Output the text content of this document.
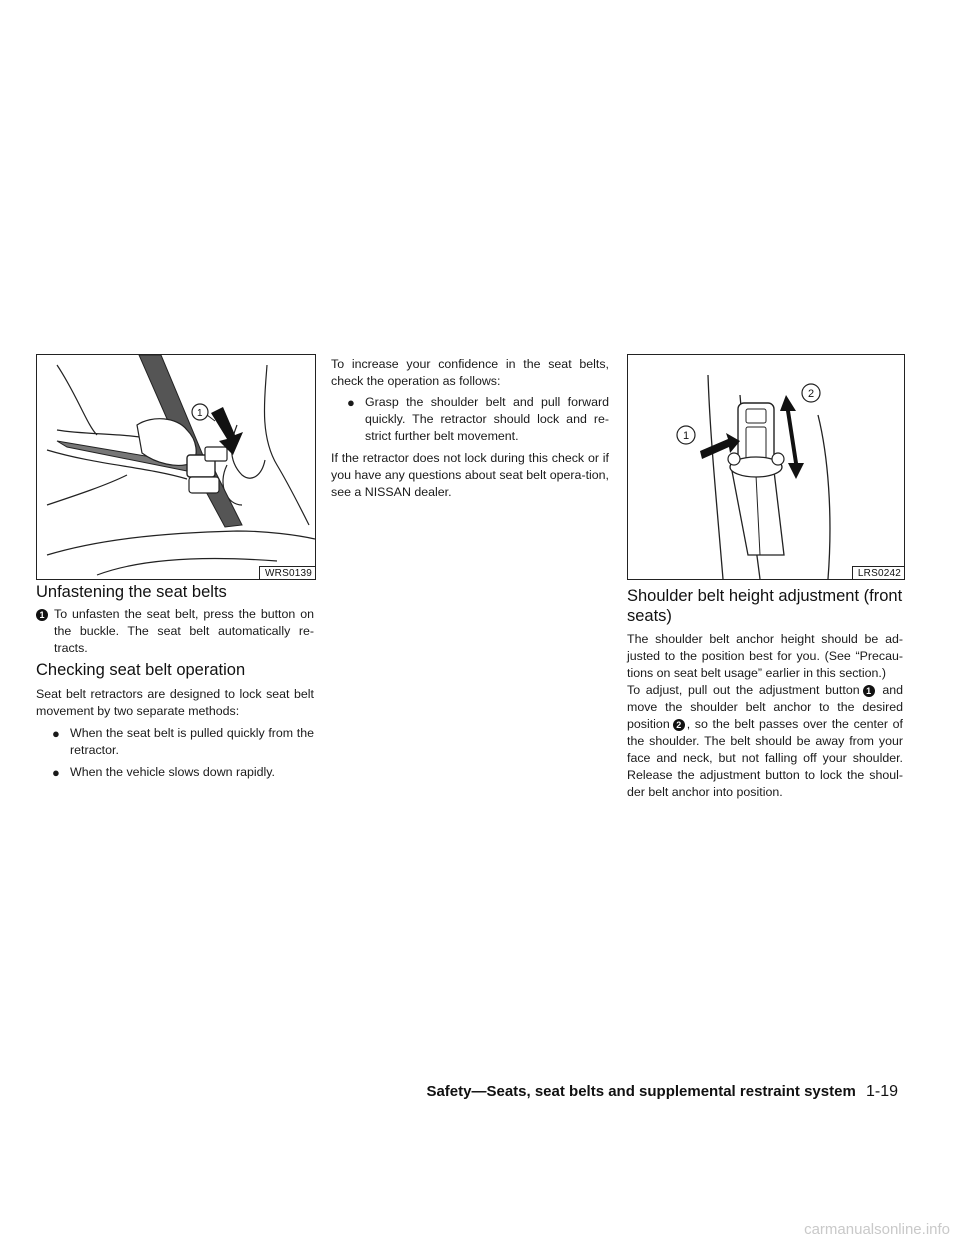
1
WRS0139
Unfastening the seat belts
1 To unfasten the seat belt, press the button on the buckle. The seat belt automatically re-tracts.
Checking seat belt operation

Seat belt retractors are designed to lock seat belt movement by two separate methods:

● When the seat belt is pulled quickly from the retractor.
● When the vehicle slows down rapidly.

To increase your confidence in the seat belts, check the operation as follows:

● Grasp the shoulder belt and pull forward quickly. The retractor should lock and re-strict further belt movement.

If the retractor does not lock during this check or if you have any questions about seat belt opera-tion, see a NISSAN dealer.

1
2
LRS0242
Shoulder belt height adjustment (front seats)

The shoulder belt anchor height should be ad-justed to the position best for you. (See “Precau-tions on seat belt usage” earlier in this section.)

To adjust, pull out the adjustment button 1 and move the shoulder belt anchor to the desired position 2 , so the belt passes over the center of the shoulder. The belt should be away from your face and neck, but not falling off your shoulder. Release the adjustment button to lock the shoul-der belt anchor into position.

Safety—Seats, seat belts and supplemental restraint system 1-19
carmanualsonline.info
